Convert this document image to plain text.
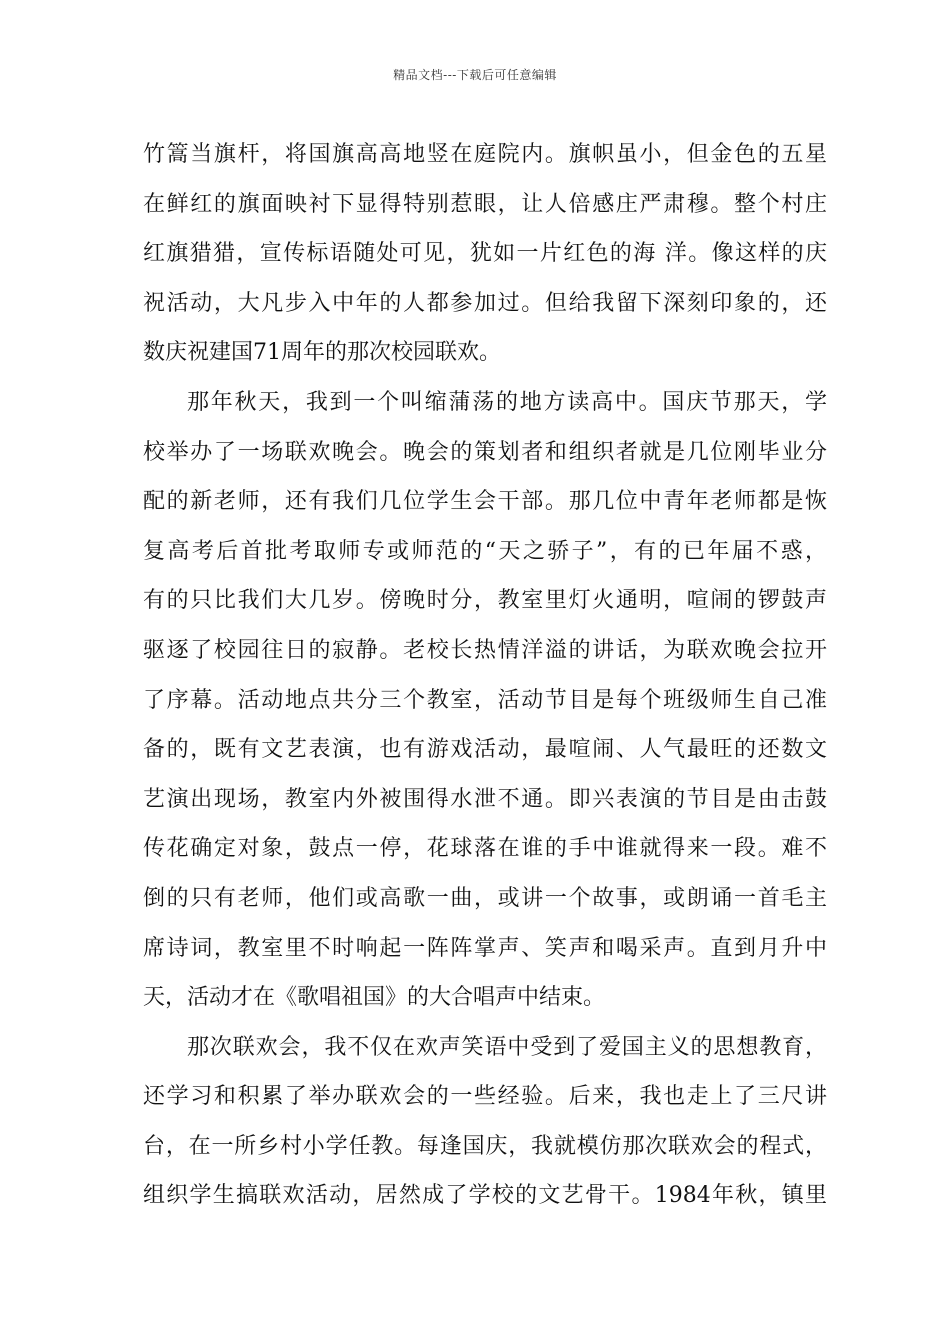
精品文档---下载后可任意编辑
竹篙当旗杆，将国旗高高地竖在庭院内。旗帜虽小，但金色的五星
在鲜红的旗面映衬下显得特别惹眼，让人倍感庄严肃穆。整个村庄
红旗猎猎，宣传标语随处可见，犹如一片红色的海 洋。像这样的庆
祝活动，大凡步入中年的人都参加过。但给我留下深刻印象的，还
数庆祝建国71周年的那次校园联欢。
那年秋天，我到一个叫缩蒲荡的地方读高中。国庆节那天，学
校举办了一场联欢晚会。晚会的策划者和组织者就是几位刚毕业分
配的新老师，还有我们几位学生会干部。那几位中青年老师都是恢
复高考后首批考取师专或师范的“天之骄子”，有的已年届不惑，
有的只比我们大几岁。傍晚时分，教室里灯火通明，喧闹的锣鼓声
驱逐了校园往日的寂静。老校长热情洋溢的讲话，为联欢晚会拉开
了序幕。活动地点共分三个教室，活动节目是每个班级师生自己准
备的，既有文艺表演，也有游戏活动，最喧闹、人气最旺的还数文
艺演出现场，教室内外被围得水泄不通。即兴表演的节目是由击鼓
传花确定对象，鼓点一停，花球落在谁的手中谁就得来一段。难不
倒的只有老师，他们或高歌一曲，或讲一个故事，或朗诵一首毛主
席诗词，教室里不时响起一阵阵掌声、笑声和喝采声。直到月升中
天，活动才在《歌唱祖国》的大合唱声中结束。
那次联欢会，我不仅在欢声笑语中受到了爱国主义的思想教育，
还学习和积累了举办联欢会的一些经验。后来，我也走上了三尺讲
台，在一所乡村小学任教。每逢国庆，我就模仿那次联欢会的程式，
组织学生搞联欢活动，居然成了学校的文艺骨干。1984年秋，镇里
